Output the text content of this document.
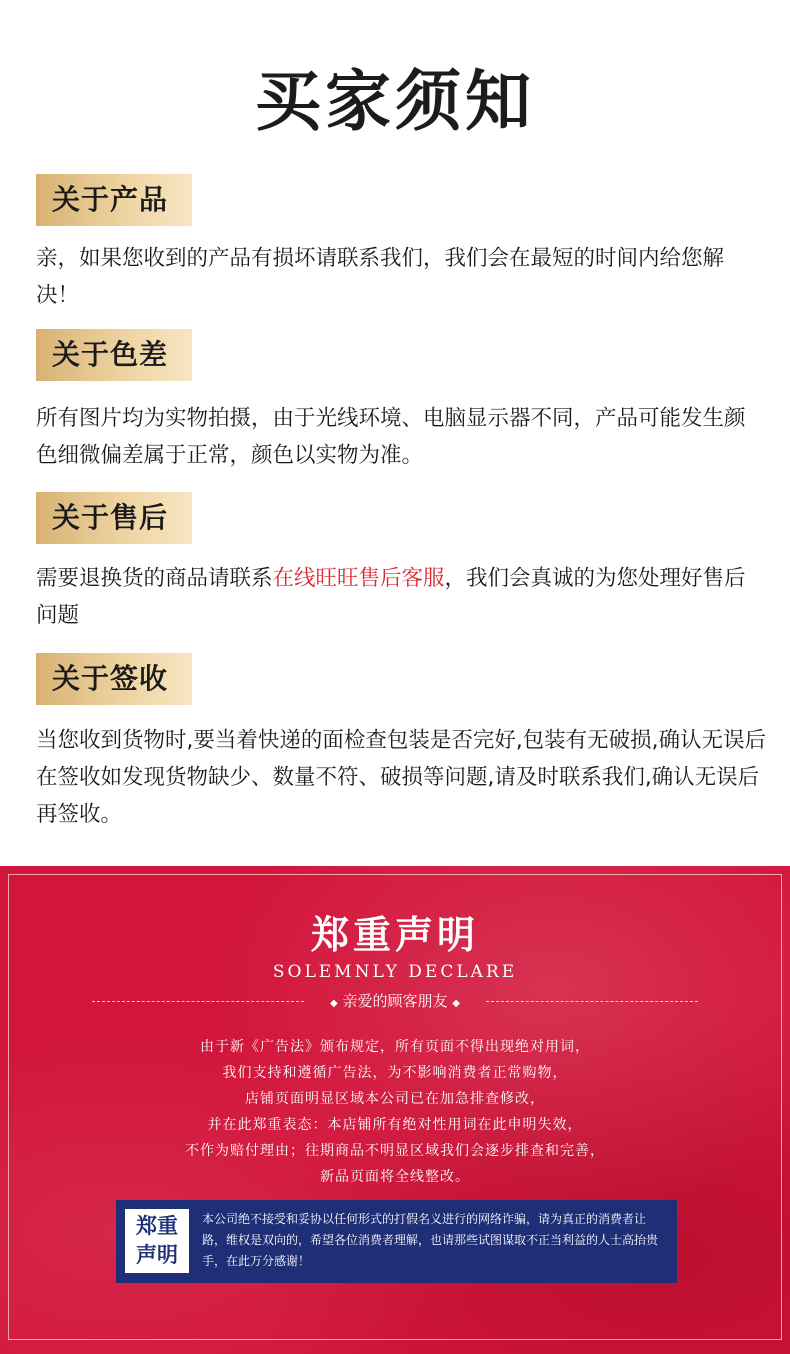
买家须知
关于产品
亲，如果您收到的产品有损坏请联系我们，我们会在最短的时间内给您解决！
关于色差
所有图片均为实物拍摄，由于光线环境、电脑显示器不同，产品可能发生颜色细微偏差属于正常，颜色以实物为准。
关于售后
需要退换货的商品请联系在线旺旺售后客服，我们会真诚的为您处理好售后问题
关于签收
当您收到货物时,要当着快递的面检查包装是否完好,包装有无破损,确认无误后在签收如发现货物缺少、数量不符、破损等问题,请及时联系我们,确认无误后再签收。
郑重声明
SOLEMNLY DECLARE
◆ 亲爱的顾客朋友 ◆
由于新《广告法》颁布规定，所有页面不得出现绝对用词，
我们支持和遵循广告法，为不影响消费者正常购物，
店铺页面明显区域本公司已在加急排查修改，
并在此郑重表态：本店铺所有绝对性用词在此申明失效，
不作为赔付理由；往期商品不明显区域我们会逐步排查和完善，
新品页面将全线整改。
郑重
声明
本公司绝不接受和妥协以任何形式的打假名义进行的网络诈骗，请为真正的消费者让路，维权是双向的，希望各位消费者理解，也请那些试图谋取不正当利益的人士高抬贵手，在此万分感谢！
